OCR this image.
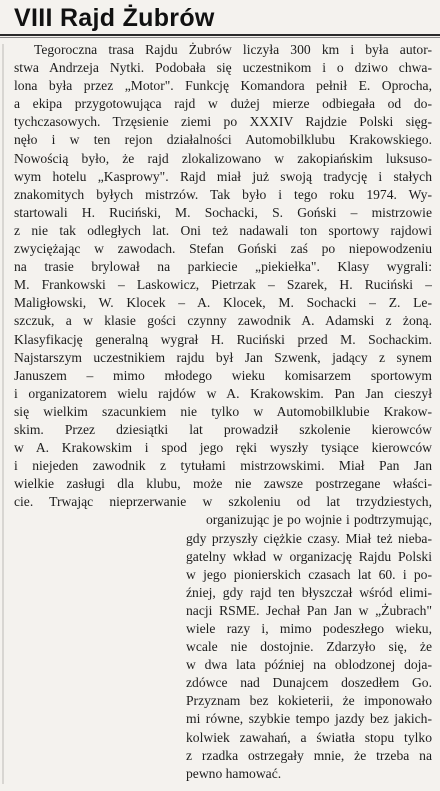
VIII Rajd Żubrów
Tegoroczna trasa Rajdu Żubrów liczyła 300 km i była autor-
stwa Andrzeja Nytki. Podobała się uczestnikom i o dziwo chwa-
lona była przez „Motor". Funkcję Komandora pełnił E. Oprocha,
a ekipa przygotowująca rajd w dużej mierze odbiegała od do-
tychczasowych. Trzęsienie ziemi po XXXIV Rajdzie Polski sięg-
nęło i w ten rejon działalności Automobilklubu Krakowskiego.
Nowością było, że rajd zlokalizowano w zakopiańskim luksuso-
wym hotelu „Kasprowy". Rajd miał już swoją tradycję i stałych
znakomitych byłych mistrzów. Tak było i tego roku 1974. Wy-
startowali H. Ruciński, M. Sochacki, S. Goński – mistrzowie
z nie tak odległych lat. Oni też nadawali ton sportowy rajdowi
zwyciężając w zawodach. Stefan Goński zaś po niepowodzeniu
na trasie brylował na parkiecie „piekiełka". Klasy wygrali:
M. Frankowski – Laskowicz, Pietrzak – Szarek, H. Ruciński –
Maligłowski, W. Klocek – A. Klocek, M. Sochacki – Z. Le-
szczuk, a w klasie gości czynny zawodnik A. Adamski z żoną.
Klasyfikację generalną wygrał H. Ruciński przed M. Sochackim.
Najstarszym uczestnikiem rajdu był Jan Szwenk, jadący z synem
Januszem – mimo młodego wieku komisarzem sportowym
i organizatorem wielu rajdów w A. Krakowskim. Pan Jan cieszył
się wielkim szacunkiem nie tylko w Automobilklubie Krakow-
skim. Przez dziesiątki lat prowadził szkolenie kierowców
w A. Krakowskim i spod jego ręki wyszły tysiące kierowców
i niejeden zawodnik z tytułami mistrzowskimi. Miał Pan Jan
wielkie zasługi dla klubu, może nie zawsze postrzegane właści-
cie. Trwając nieprzerwanie w szkoleniu od lat trzydziestych,
organizując je po wojnie i podtrzymując,
gdy przyszły ciężkie czasy. Miał też nieba-
gatelny wkład w organizację Rajdu Polski
w jego pionierskich czasach lat 60. i po-
źniej, gdy rajd ten błyszczał wśród elimi-
nacji RSME. Jechał Pan Jan w „Żubrach"
wiele razy i, mimo podeszłego wieku,
wcale nie dostojnie. Zdarzyło się, że
w dwa lata później na oblodzonej doja-
zdówce nad Dunajcem doszedłem Go.
Przyznam bez kokieterii, że imponowało
mi równe, szybkie tempo jazdy bez jakich-
kolwiek zawahań, a światła stopu tylko
z rzadka ostrzegały mnie, że trzeba na
pewno hamować.
